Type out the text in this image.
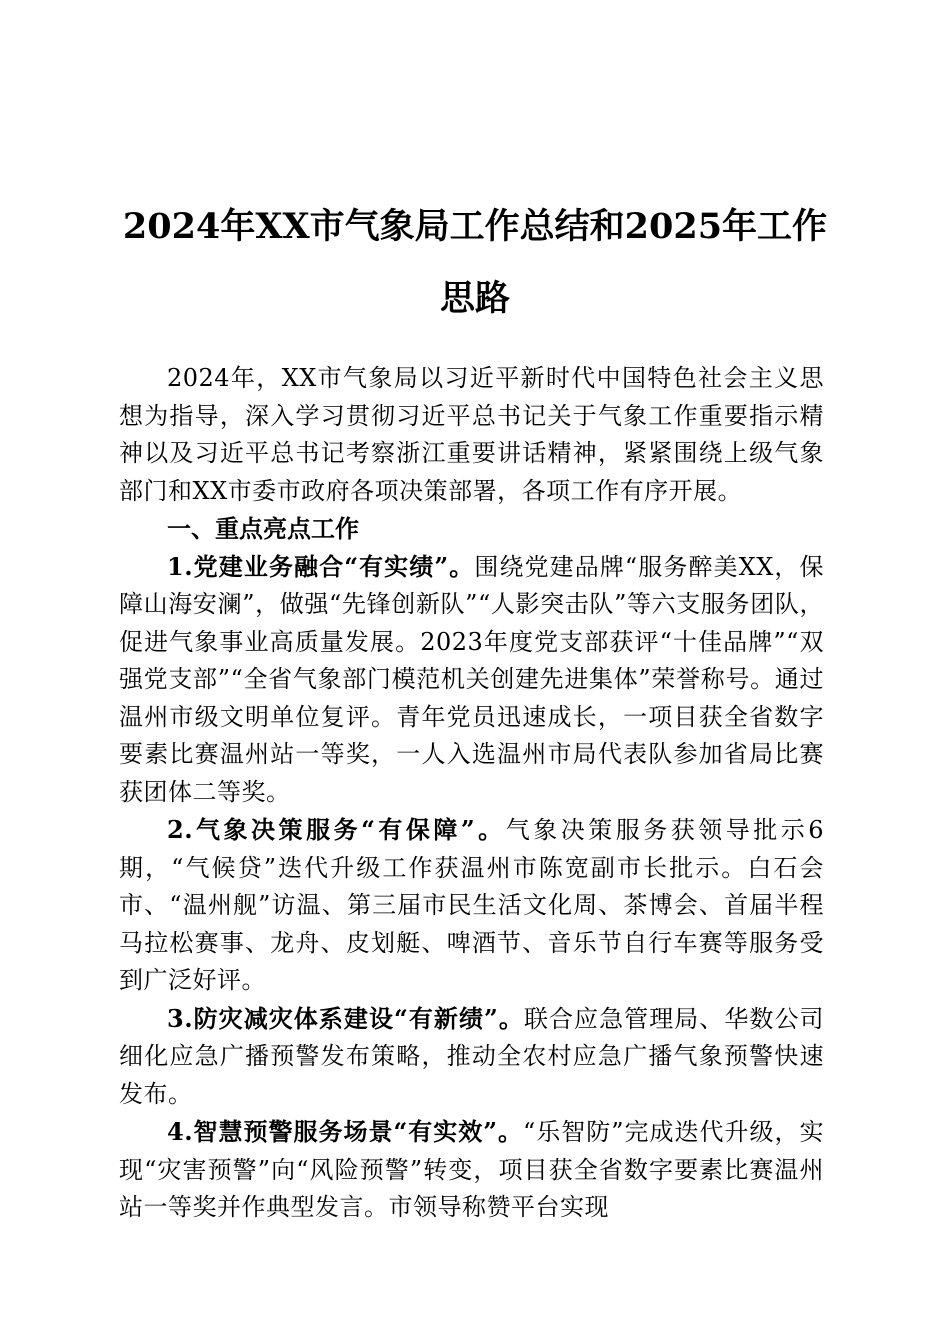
2024年XX市气象局工作总结和2025年工作
思路

2024年，XX市气象局以习近平新时代中国特色社会主义思想为指导，深入学习贯彻习近平总书记关于气象工作重要指示精神以及习近平总书记考察浙江重要讲话精神，紧紧围绕上级气象部门和XX市委市政府各项决策部署，各项工作有序开展。

一、重点亮点工作

1.党建业务融合“有实绩”。围绕党建品牌“服务醉美XX，保障山海安澜”，做强“先锋创新队”“人影突击队”等六支服务团队，促进气象事业高质量发展。2023年度党支部获评“十佳品牌”“双强党支部”“全省气象部门模范机关创建先进集体”荣誉称号。通过温州市级文明单位复评。青年党员迅速成长，一项目获全省数字要素比赛温州站一等奖，一人入选温州市局代表队参加省局比赛获团体二等奖。

2.气象决策服务“有保障”。气象决策服务获领导批示6期，“气候贷”迭代升级工作获温州市陈宽副市长批示。白石会市、“温州舰”访温、第三届市民生活文化周、茶博会、首届半程马拉松赛事、龙舟、皮划艇、啤酒节、音乐节自行车赛等服务受到广泛好评。

3.防灾减灾体系建设“有新绩”。联合应急管理局、华数公司细化应急广播预警发布策略，推动全农村应急广播气象预警快速发布。

4.智慧预警服务场景“有实效”。“乐智防”完成迭代升级，实现“灾害预警”向“风险预警”转变，项目获全省数字要素比赛温州站一等奖并作典型发言。市领导称赞平台实现
